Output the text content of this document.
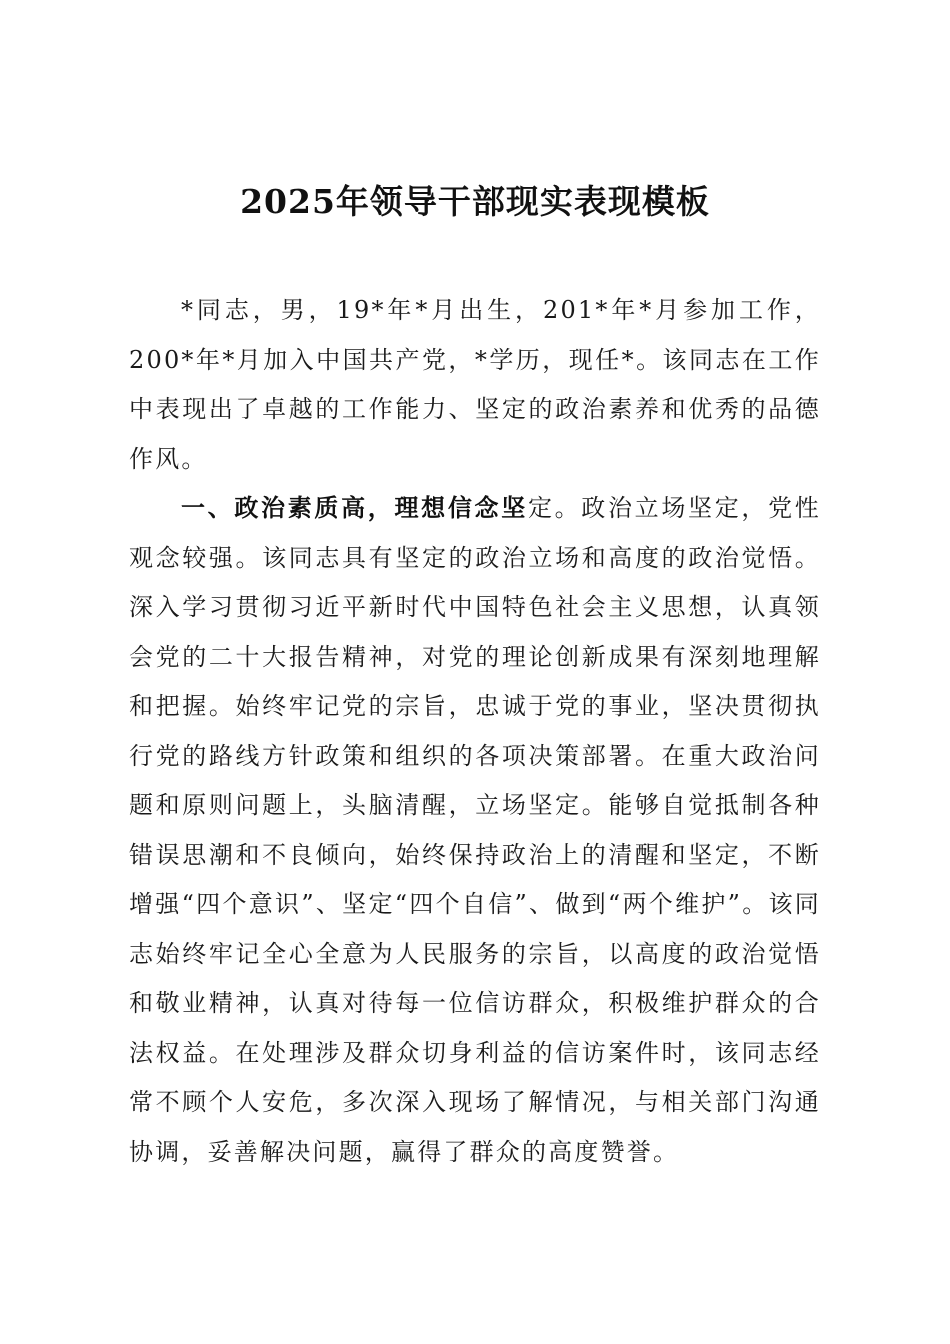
2025年领导干部现实表现模板

*同志，男，19*年*月出生，201*年*月参加工作，200*年*月加入中国共产党，*学历，现任*。该同志在工作中表现出了卓越的工作能力、坚定的政治素养和优秀的品德作风。

一、政治素质高，理想信念坚定。政治立场坚定，党性观念较强。该同志具有坚定的政治立场和高度的政治觉悟。深入学习贯彻习近平新时代中国特色社会主义思想，认真领会党的二十大报告精神，对党的理论创新成果有深刻地理解和把握。始终牢记党的宗旨，忠诚于党的事业，坚决贯彻执行党的路线方针政策和组织的各项决策部署。在重大政治问题和原则问题上，头脑清醒，立场坚定。能够自觉抵制各种错误思潮和不良倾向，始终保持政治上的清醒和坚定，不断增强“四个意识”、坚定“四个自信”、做到“两个维护”。该同志始终牢记全心全意为人民服务的宗旨，以高度的政治觉悟和敬业精神，认真对待每一位信访群众，积极维护群众的合法权益。在处理涉及群众切身利益的信访案件时，该同志经常不顾个人安危，多次深入现场了解情况，与相关部门沟通协调，妥善解决问题，赢得了群众的高度赞誉。
